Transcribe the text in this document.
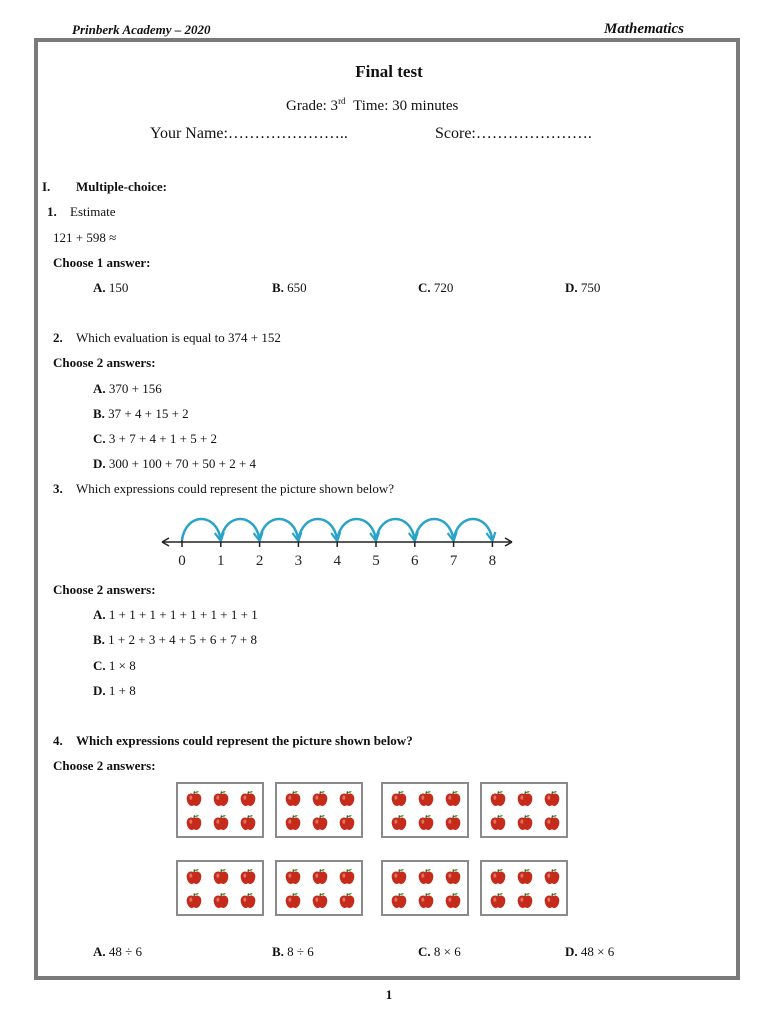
Prinberk Academy – 2020	Mathematics
Final test
Grade: 3rd Time: 30 minutes
Your Name:…………………..	Score:………………….
I. Multiple-choice:
1. Estimate
121 + 598 ≈
Choose 1 answer:
A. 150	B. 650	C. 720	D. 750
2. Which evaluation is equal to 374 + 152
Choose 2 answers:
A. 370 + 156
B. 37 + 4 + 15 + 2
C. 3 + 7 + 4 + 1 + 5 + 2
D. 300 + 100 + 70 + 50 + 2 + 4
3. Which expressions could represent the picture shown below?
0 1 2 3 4 5 6 7 8
Choose 2 answers:
A. 1 + 1 + 1 + 1 + 1 + 1 + 1 + 1
B. 1 + 2 + 3 + 4 + 5 + 6 + 7 + 8
C. 1 × 8
D. 1 + 8
4. Which expressions could represent the picture shown below?
Choose 2 answers:
A. 48 ÷ 6	B. 8 ÷ 6	C. 8 × 6	D. 48 × 6
1
